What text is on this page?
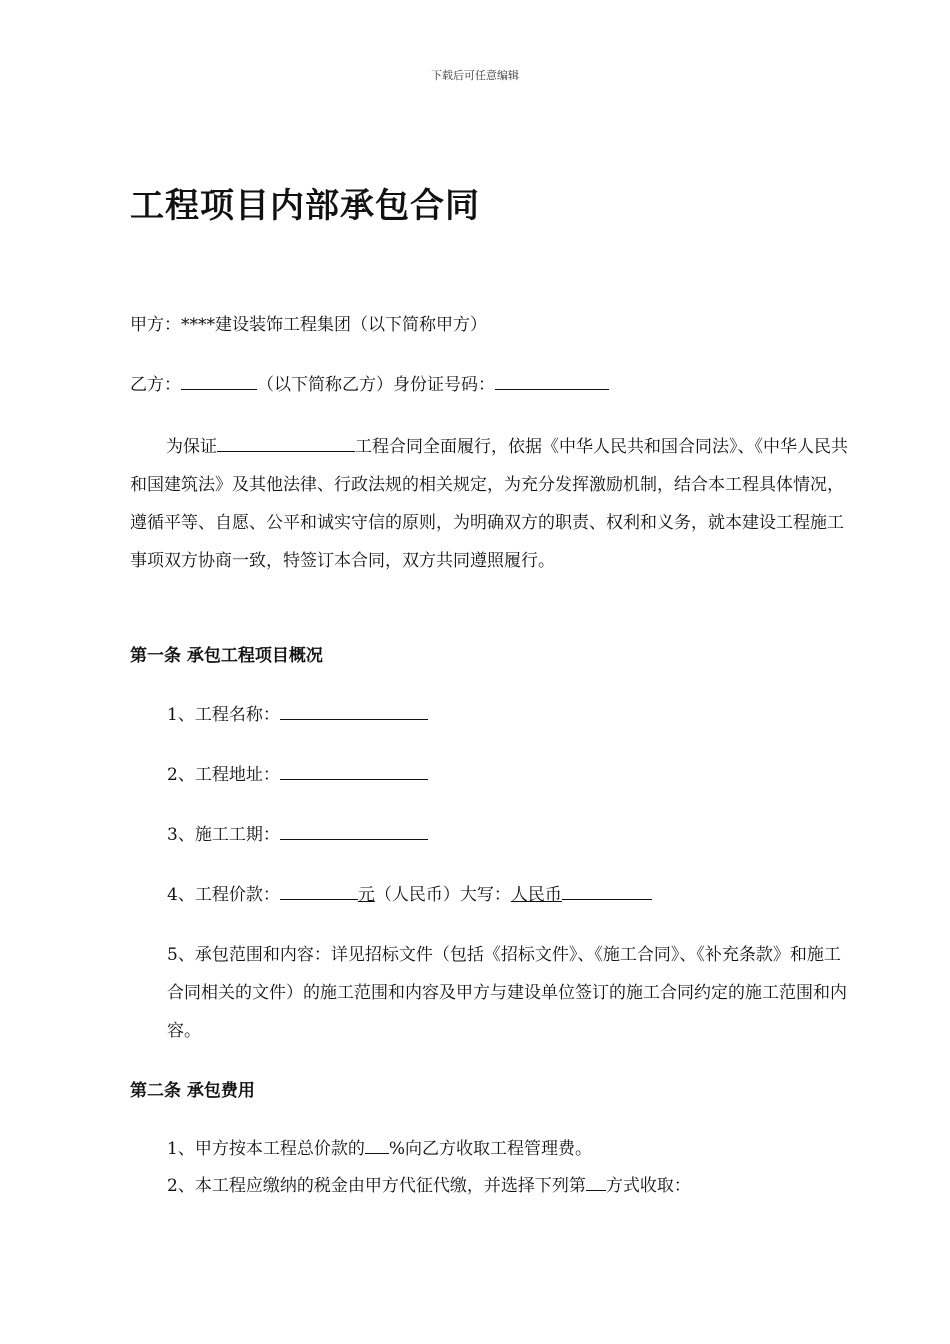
下载后可任意编辑
工程项目内部承包合同
甲方：****建设装饰工程集团（以下简称甲方）
乙方：	（以下简称乙方）身份证号码：
为保证	工程合同全面履行，依据《中华人民共和国合同法》、《中华人民共和国建筑法》及其他法律、行政法规的相关规定，为充分发挥激励机制，结合本工程具体情况，遵循平等、自愿、公平和诚实守信的原则，为明确双方的职责、权利和义务，就本建设工程施工事项双方协商一致，特签订本合同，双方共同遵照履行。
第一条 承包工程项目概况
1、工程名称：
2、工程地址：
3、施工工期：
4、工程价款：	元（人民币）大写：人民币
5、承包范围和内容：详见招标文件（包括《招标文件》、《施工合同》、《补充条款》和施工合同相关的文件）的施工范围和内容及甲方与建设单位签订的施工合同约定的施工范围和内容。
第二条 承包费用
1、甲方按本工程总价款的 %向乙方收取工程管理费。
2、本工程应缴纳的税金由甲方代征代缴，并选择下列第 方式收取：
